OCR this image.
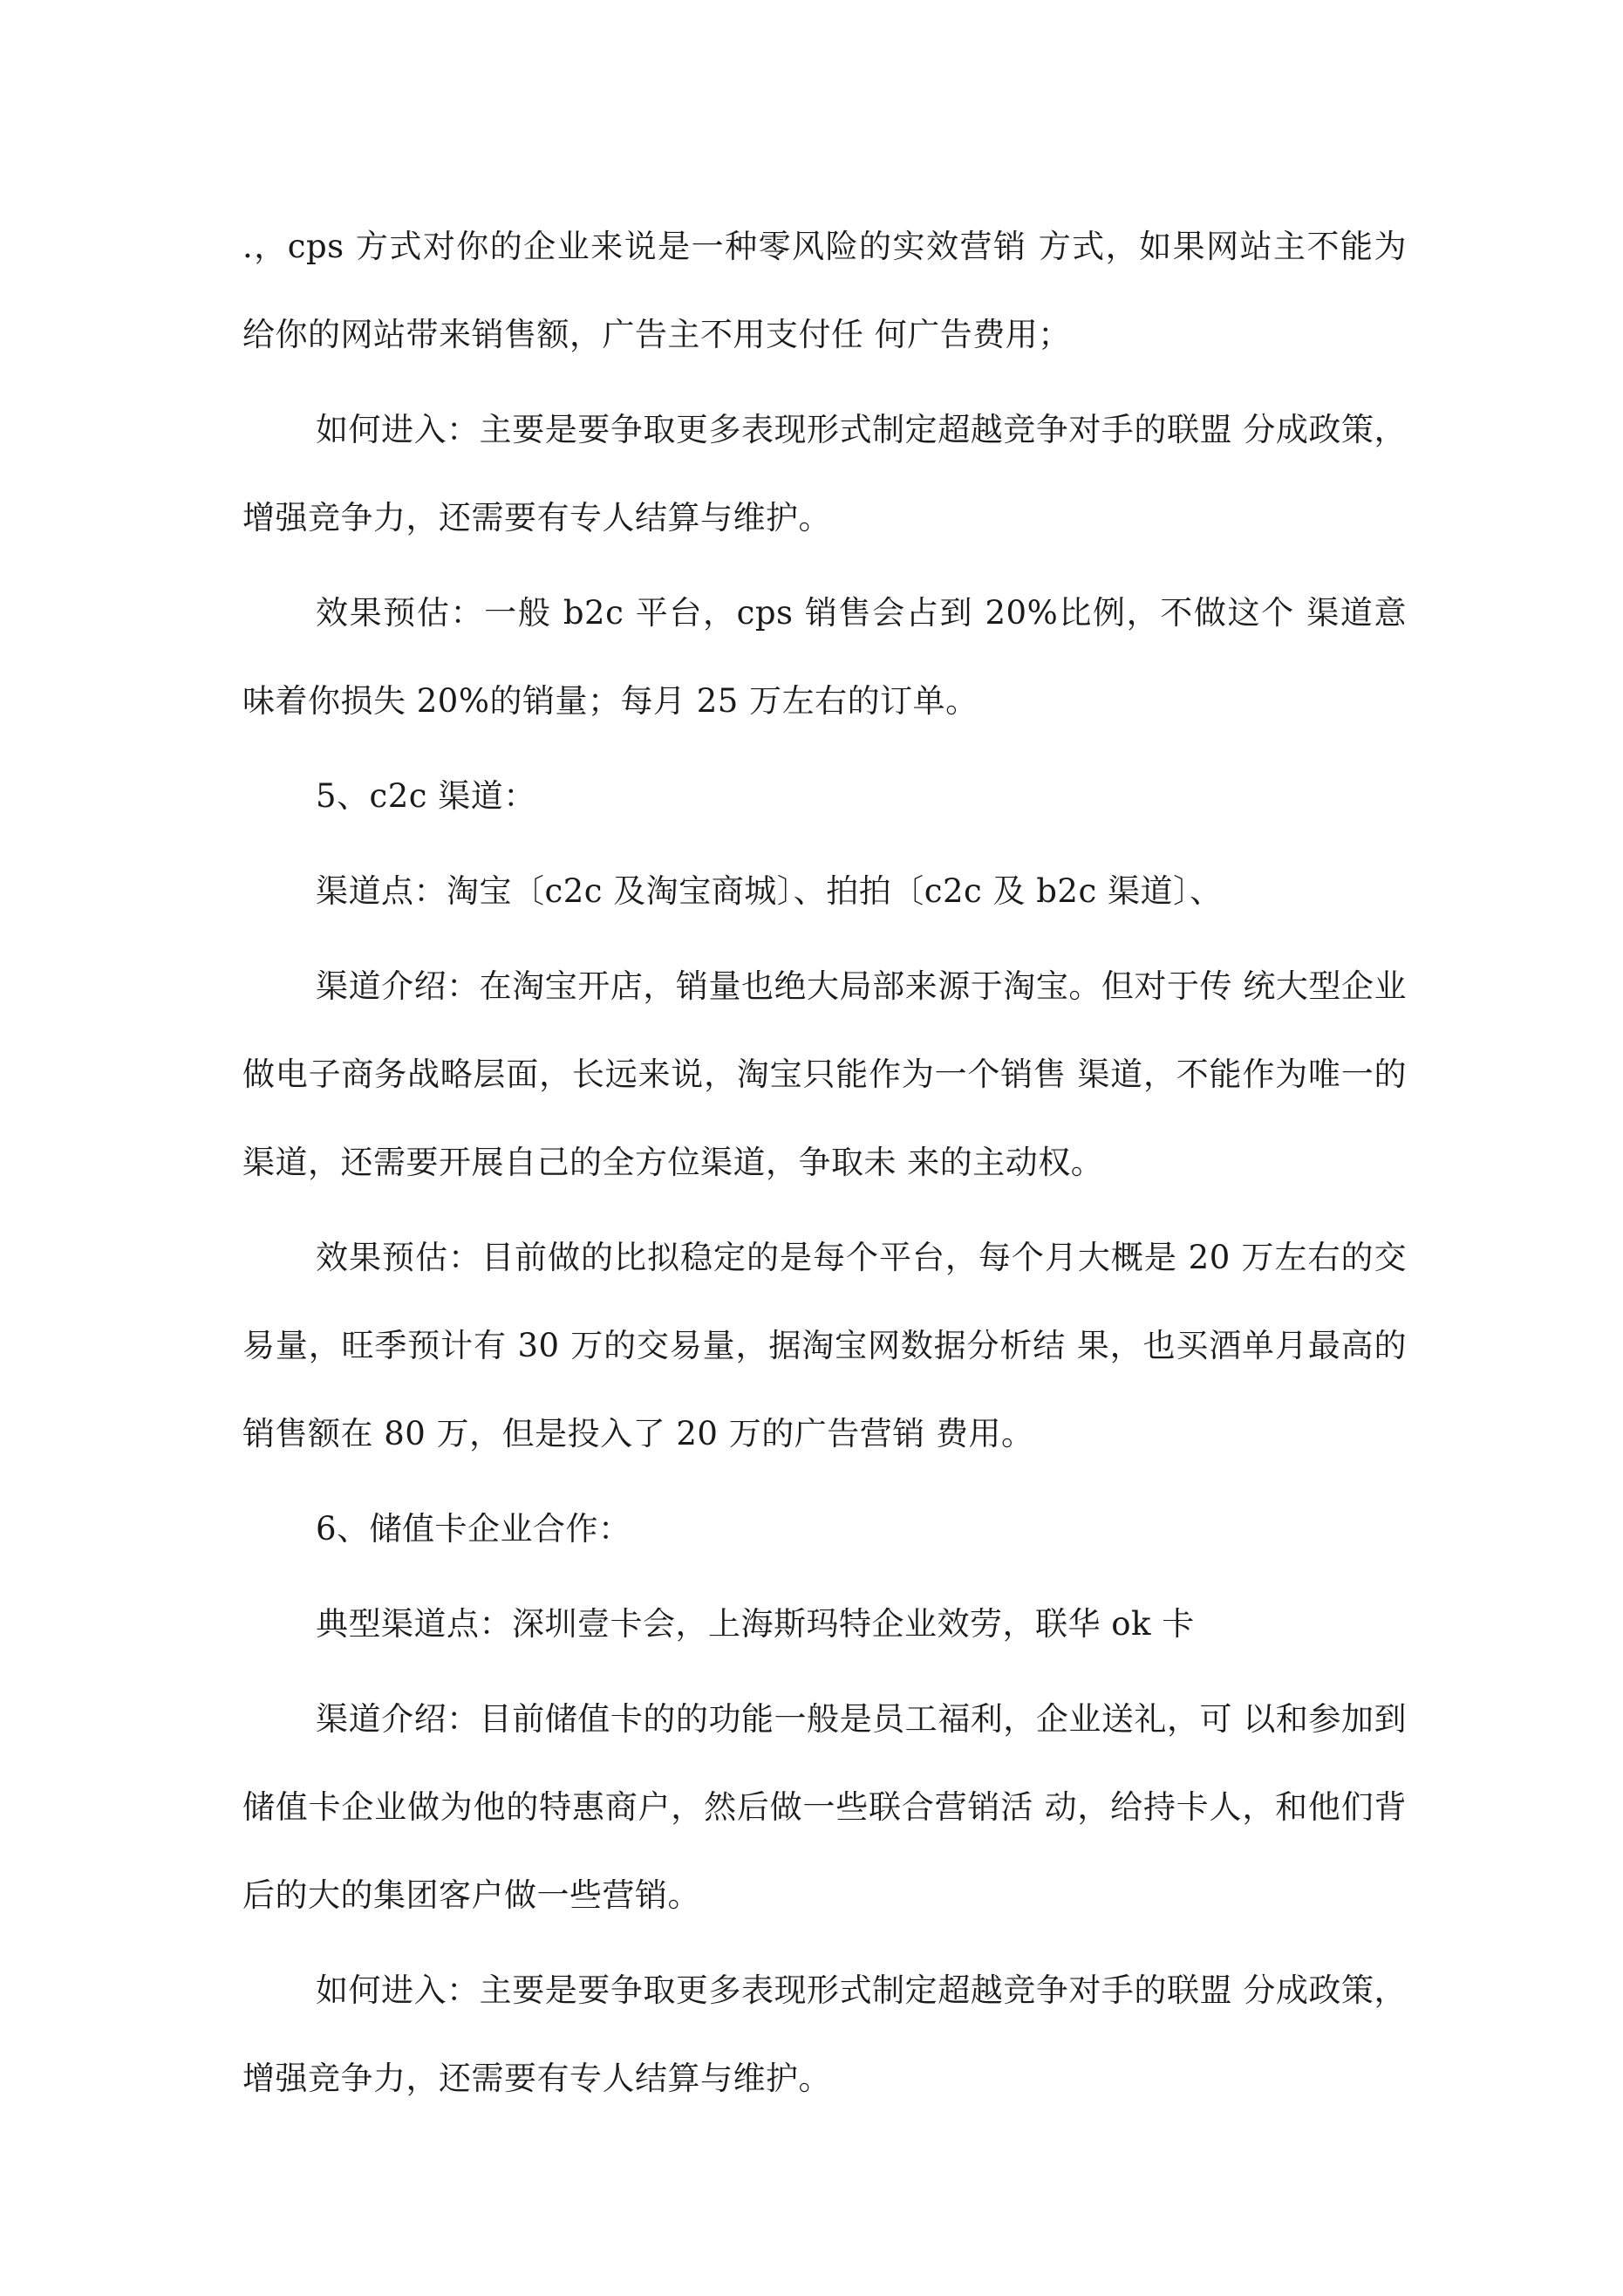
.，cps 方式对你的企业来说是一种零风险的实效营销 方式，如果网站主不能为给你的网站带来销售额，广告主不用支付任 何广告费用；

如何进入：主要是要争取更多表现形式制定超越竞争对手的联盟 分成政策，增强竞争力，还需要有专人结算与维护。

效果预估：一般 b2c 平台，cps 销售会占到 20%比例，不做这个 渠道意味着你损失 20%的销量；每月 25 万左右的订单。

5、c2c 渠道：

渠道点：淘宝〔c2c 及淘宝商城〕、拍拍〔c2c 及 b2c 渠道〕、

渠道介绍：在淘宝开店，销量也绝大局部来源于淘宝。但对于传 统大型企业做电子商务战略层面，长远来说，淘宝只能作为一个销售 渠道，不能作为唯一的渠道，还需要开展自己的全方位渠道，争取未 来的主动权。

效果预估：目前做的比拟稳定的是每个平台，每个月大概是 20 万左右的交易量，旺季预计有 30 万的交易量，据淘宝网数据分析结 果，也买酒单月最高的销售额在 80 万，但是投入了 20 万的广告营销 费用。

6、储值卡企业合作：

典型渠道点：深圳壹卡会，上海斯玛特企业效劳，联华 ok 卡

渠道介绍：目前储值卡的的功能一般是员工福利，企业送礼，可 以和参加到储值卡企业做为他的特惠商户，然后做一些联合营销活 动，给持卡人，和他们背后的大的集团客户做一些营销。

如何进入：主要是要争取更多表现形式制定超越竞争对手的联盟 分成政策，增强竞争力，还需要有专人结算与维护。
